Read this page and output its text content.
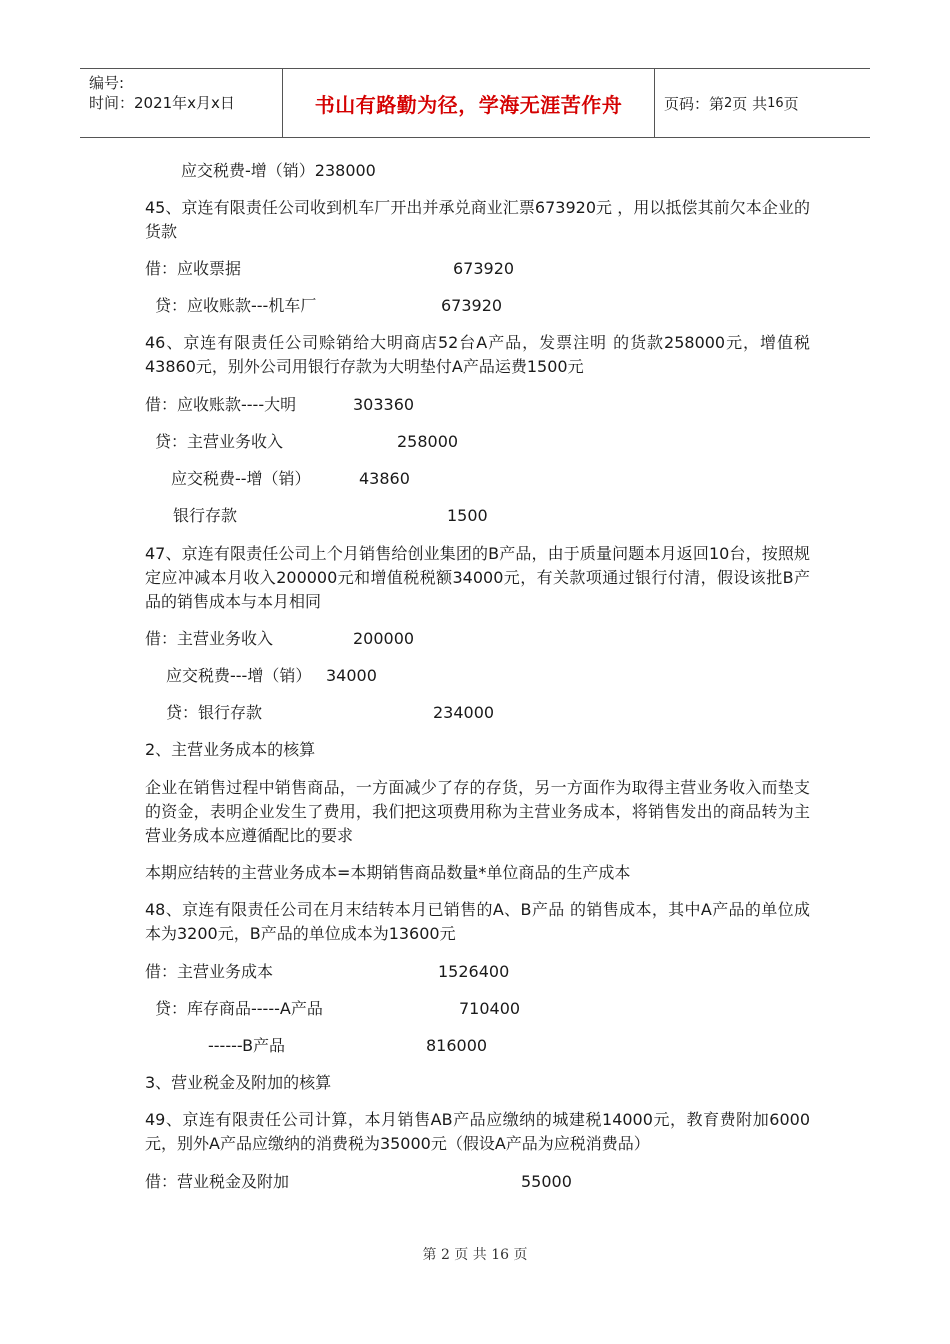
编号:
时间：2021年x月x日	书山有路勤为径，学海无涯苦作舟	页码：第 2 页 共 16 页
应交税费-增（销）238000
45、京连有限责任公司收到机车厂开出并承兑商业汇票673920元 ，用以抵偿其前欠本企业的货款
借：应收票据	673920
贷：应收账款---机车厂	673920
46、京连有限责任公司赊销给大明商店52台A产品，发票注明 的货款258000元，增值税43860元，别外公司用银行存款为大明垫付A产品运费1500元
借：应收账款----大明	303360
贷：主营业务收入	258000
应交税费--增（销）	43860
银行存款	1500
47、京连有限责任公司上个月销售给创业集团的B产品，由于质量问题本月返回10台，按照规定应冲减本月收入200000元和增值税税额34000元，有关款项通过银行付清，假设该批B产品的销售成本与本月相同
借：主营业务收入	200000
应交税费---增（销） 34000
贷：银行存款	234000
2、主营业务成本的核算
企业在销售过程中销售商品，一方面减少了存的存货，另一方面作为取得主营业务收入而垫支的资金，表明企业发生了费用，我们把这项费用称为主营业务成本，将销售发出的商品转为主营业务成本应遵循配比的要求
本期应结转的主营业务成本=本期销售商品数量*单位商品的生产成本
48、京连有限责任公司在月末结转本月已销售的A、B产品 的销售成本，其中A产品的单位成本为3200元，B产品的单位成本为13600元
借：主营业务成本	1526400
贷：库存商品-----A产品	710400
------B产品	816000
3、营业税金及附加的核算
49、京连有限责任公司计算，本月销售AB产品应缴纳的城建税14000元，教育费附加6000元，别外A产品应缴纳的消费税为35000元（假设A产品为应税消费品）
借：营业税金及附加	55000
第 2 页 共 16 页
